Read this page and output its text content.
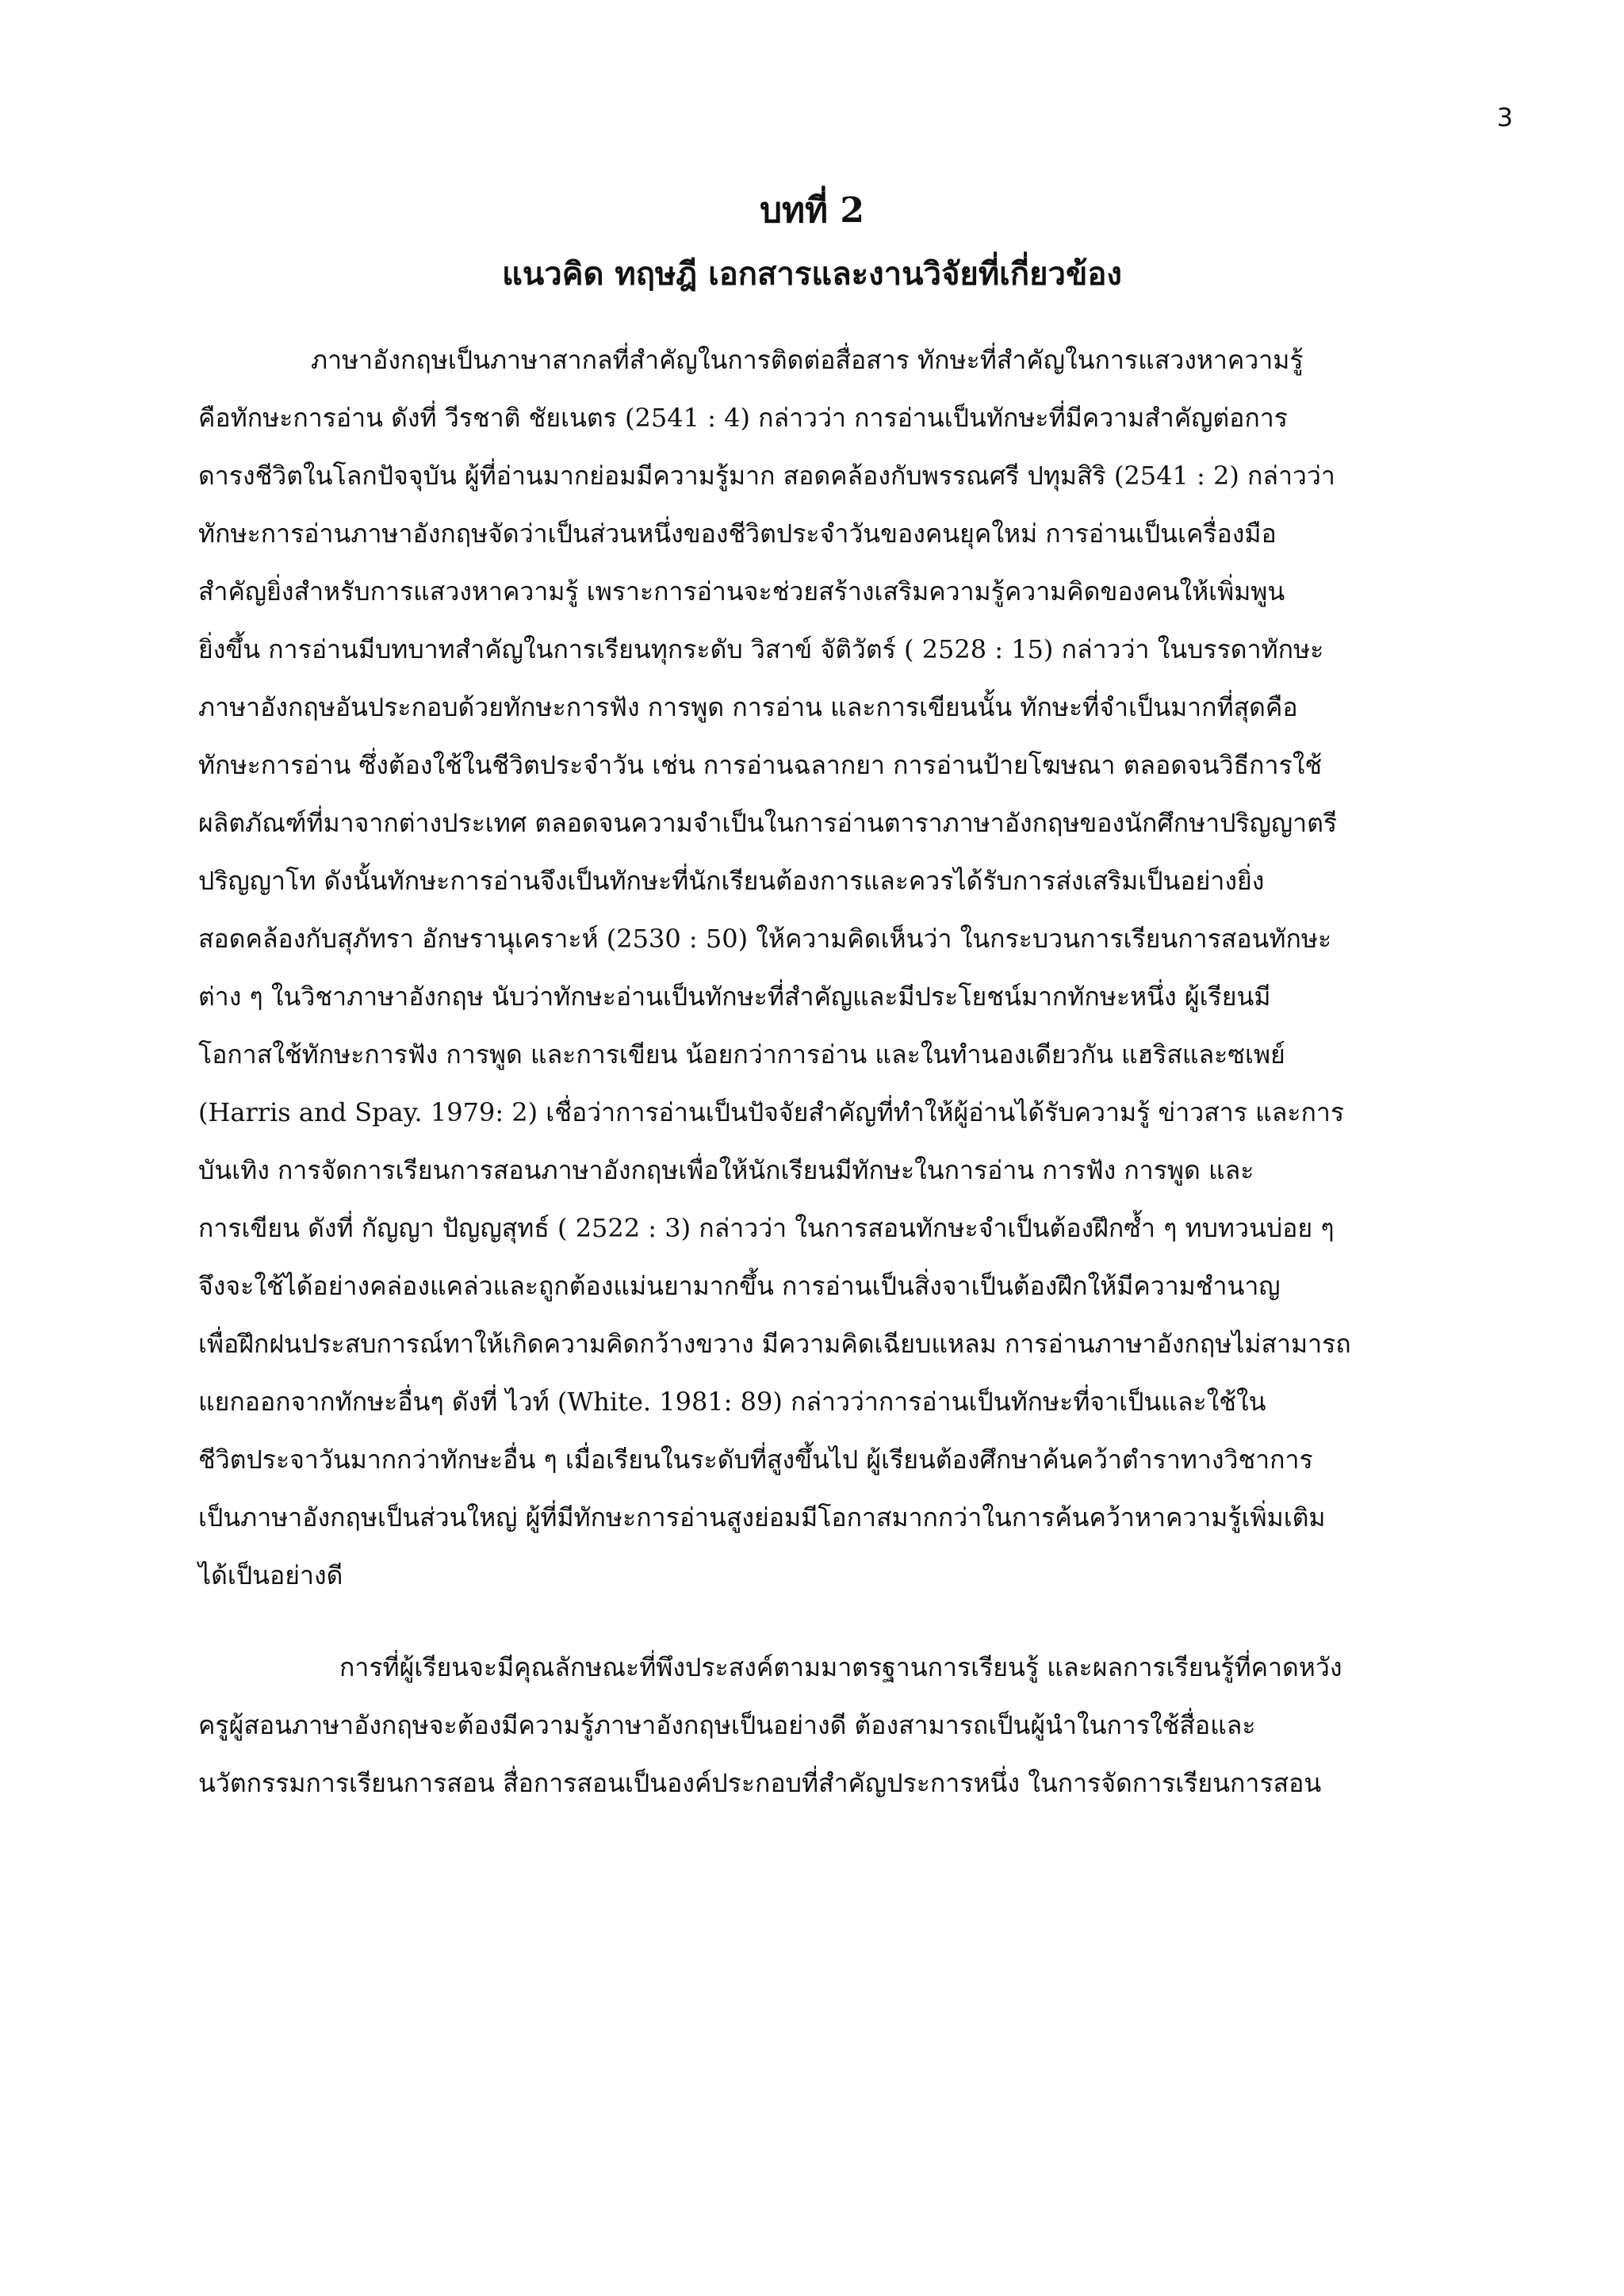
3
บทที่ 2
แนวคิด ทฤษฎี เอกสารและงานวิจัยที่เกี่ยวข้อง
ภาษาอังกฤษเป็นภาษาสากลที่สำคัญในการติดต่อสื่อสาร ทักษะที่สำคัญในการแสวงหาความรู้
คือทักษะการอ่าน ดังที่ วีรชาติ ชัยเนตร (2541 : 4) กล่าวว่า การอ่านเป็นทักษะที่มีความสำคัญต่อการ
ดารงชีวิตในโลกปัจจุบัน ผู้ที่อ่านมากย่อมมีความรู้มาก สอดคล้องกับพรรณศรี ปทุมสิริ (2541 : 2) กล่าวว่า
ทักษะการอ่านภาษาอังกฤษจัดว่าเป็นส่วนหนึ่งของชีวิตประจำวันของคนยุคใหม่ การอ่านเป็นเครื่องมือ
สำคัญยิ่งสำหรับการแสวงหาความรู้ เพราะการอ่านจะช่วยสร้างเสริมความรู้ความคิดของคนให้เพิ่มพูน
ยิ่งขึ้น การอ่านมีบทบาทสำคัญในการเรียนทุกระดับ วิสาข์ จัติวัตร์ ( 2528 : 15) กล่าวว่า ในบรรดาทักษะ
ภาษาอังกฤษอันประกอบด้วยทักษะการฟัง การพูด การอ่าน และการเขียนนั้น ทักษะที่จำเป็นมากที่สุดคือ
ทักษะการอ่าน ซึ่งต้องใช้ในชีวิตประจำวัน เช่น การอ่านฉลากยา การอ่านป้ายโฆษณา ตลอดจนวิธีการใช้
ผลิตภัณฑ์ที่มาจากต่างประเทศ ตลอดจนความจำเป็นในการอ่านตาราภาษาอังกฤษของนักศึกษาปริญญาตรี
ปริญญาโท ดังนั้นทักษะการอ่านจึงเป็นทักษะที่นักเรียนต้องการและควรได้รับการส่งเสริมเป็นอย่างยิ่ง
สอดคล้องกับสุภัทรา อักษรานุเคราะห์ (2530 : 50) ให้ความคิดเห็นว่า ในกระบวนการเรียนการสอนทักษะ
ต่าง ๆ ในวิชาภาษาอังกฤษ นับว่าทักษะอ่านเป็นทักษะที่สำคัญและมีประโยชน์มากทักษะหนึ่ง ผู้เรียนมี
โอกาสใช้ทักษะการฟัง การพูด และการเขียน น้อยกว่าการอ่าน และในทำนองเดียวกัน แฮริสและซเพย์
(Harris and Spay. 1979: 2) เชื่อว่าการอ่านเป็นปัจจัยสำคัญที่ทำให้ผู้อ่านได้รับความรู้ ข่าวสาร และการ
บันเทิง การจัดการเรียนการสอนภาษาอังกฤษเพื่อให้นักเรียนมีทักษะในการอ่าน การฟัง การพูด และ
การเขียน ดังที่ กัญญา ปัญญสุทธ์ ( 2522 : 3) กล่าวว่า ในการสอนทักษะจำเป็นต้องฝึกซ้ำ ๆ ทบทวนบ่อย ๆ
จึงจะใช้ได้อย่างคล่องแคล่วและถูกต้องแม่นยามากขึ้น การอ่านเป็นสิ่งจาเป็นต้องฝึกให้มีความชำนาญ
เพื่อฝึกฝนประสบการณ์ทาให้เกิดความคิดกว้างขวาง มีความคิดเฉียบแหลม การอ่านภาษาอังกฤษไม่สามารถ
แยกออกจากทักษะอื่นๆ ดังที่ ไวท์ (White. 1981: 89) กล่าวว่าการอ่านเป็นทักษะที่จาเป็นและใช้ใน
ชีวิตประจาวันมากกว่าทักษะอื่น ๆ เมื่อเรียนในระดับที่สูงขึ้นไป ผู้เรียนต้องศึกษาค้นคว้าตำราทางวิชาการ
เป็นภาษาอังกฤษเป็นส่วนใหญ่ ผู้ที่มีทักษะการอ่านสูงย่อมมีโอกาสมากกว่าในการค้นคว้าหาความรู้เพิ่มเติม
ได้เป็นอย่างดี
การที่ผู้เรียนจะมีคุณลักษณะที่พึงประสงค์ตามมาตรฐานการเรียนรู้ และผลการเรียนรู้ที่คาดหวัง
ครูผู้สอนภาษาอังกฤษจะต้องมีความรู้ภาษาอังกฤษเป็นอย่างดี ต้องสามารถเป็นผู้นำในการใช้สื่อและ
นวัตกรรมการเรียนการสอน สื่อการสอนเป็นองค์ประกอบที่สำคัญประการหนึ่ง ในการจัดการเรียนการสอน
